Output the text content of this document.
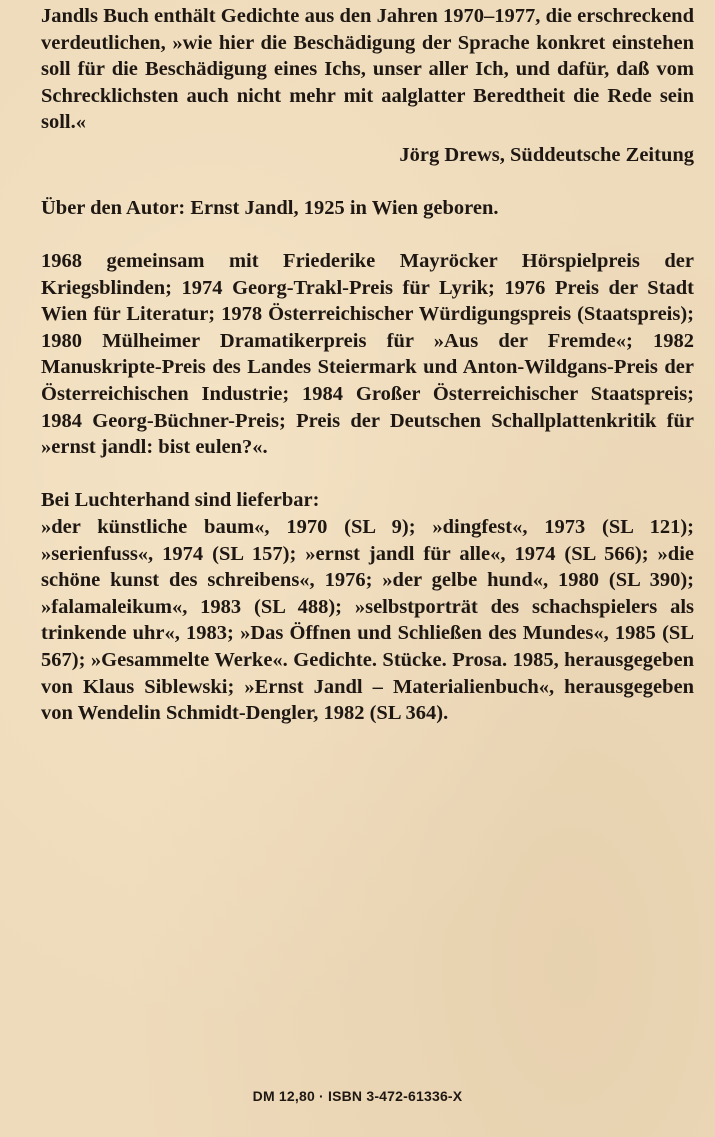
Jandls Buch enthält Gedichte aus den Jahren 1970–1977, die erschreckend verdeutlichen, »wie hier die Beschädigung der Sprache konkret einstehen soll für die Beschädigung eines Ichs, unser aller Ich, und dafür, daß vom Schrecklichsten auch nicht mehr mit aalglatter Beredtheit die Rede sein soll.«
Jörg Drews, Süddeutsche Zeitung
Über den Autor: Ernst Jandl, 1925 in Wien geboren.
1968 gemeinsam mit Friederike Mayröcker Hörspielpreis der Kriegsblinden; 1974 Georg-Trakl-Preis für Lyrik; 1976 Preis der Stadt Wien für Literatur; 1978 Österreichischer Würdigungspreis (Staatspreis); 1980 Mülheimer Dramatikerpreis für »Aus der Fremde«; 1982 Manuskripte-Preis des Landes Steiermark und Anton-Wildgans-Preis der Österreichischen Industrie; 1984 Großer Österreichischer Staatspreis; 1984 Georg-Büchner-Preis; Preis der Deutschen Schallplattenkritik für »ernst jandl: bist eulen?«.
Bei Luchterhand sind lieferbar:
»der künstliche baum«, 1970 (SL 9); »dingfest«, 1973 (SL 121); »serienfuss«, 1974 (SL 157); »ernst jandl für alle«, 1974 (SL 566); »die schöne kunst des schreibens«, 1976; »der gelbe hund«, 1980 (SL 390); »falamaleikum«, 1983 (SL 488); »selbstporträt des schachspielers als trinkende uhr«, 1983; »Das Öffnen und Schließen des Mundes«, 1985 (SL 567); »Gesammelte Werke«. Gedichte. Stücke. Prosa. 1985, herausgegeben von Klaus Siblewski; »Ernst Jandl – Materialienbuch«, herausgegeben von Wendelin Schmidt-Dengler, 1982 (SL 364).
DM 12,80 · ISBN 3-472-61336-X
